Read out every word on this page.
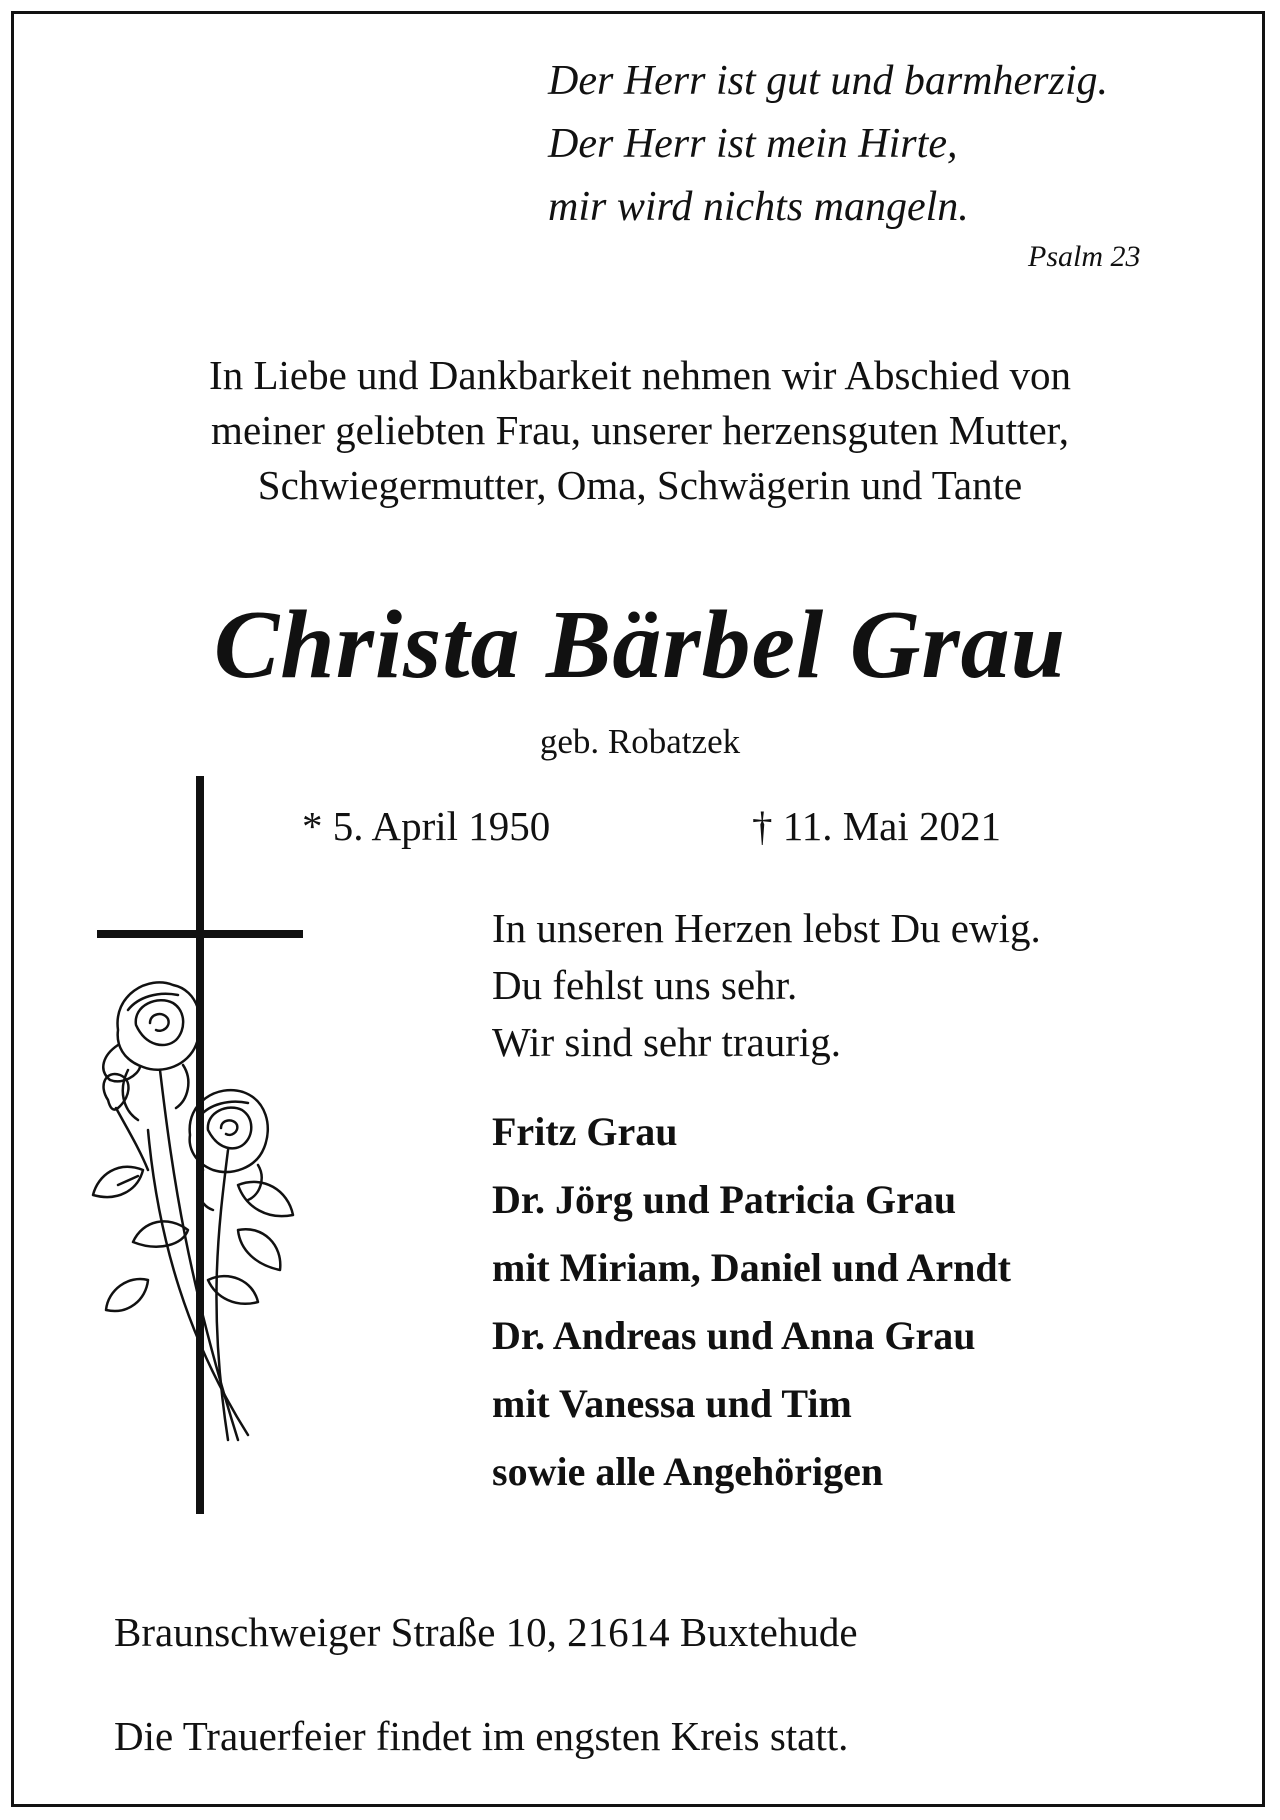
Der Herr ist gut und barmherzig.
Der Herr ist mein Hirte,
mir wird nichts mangeln.
Psalm 23
In Liebe und Dankbarkeit nehmen wir Abschied von
meiner geliebten Frau, unserer herzensguten Mutter,
Schwiegermutter, Oma, Schwägerin und Tante
Christa Bärbel Grau
geb. Robatzek
* 5. April 1950	† 11. Mai 2021
In unseren Herzen lebst Du ewig.
Du fehlst uns sehr.
Wir sind sehr traurig.
Fritz Grau
Dr. Jörg und Patricia Grau
mit Miriam, Daniel und Arndt
Dr. Andreas und Anna Grau
mit Vanessa und Tim
sowie alle Angehörigen
Braunschweiger Straße 10, 21614 Buxtehude
Die Trauerfeier findet im engsten Kreis statt.
